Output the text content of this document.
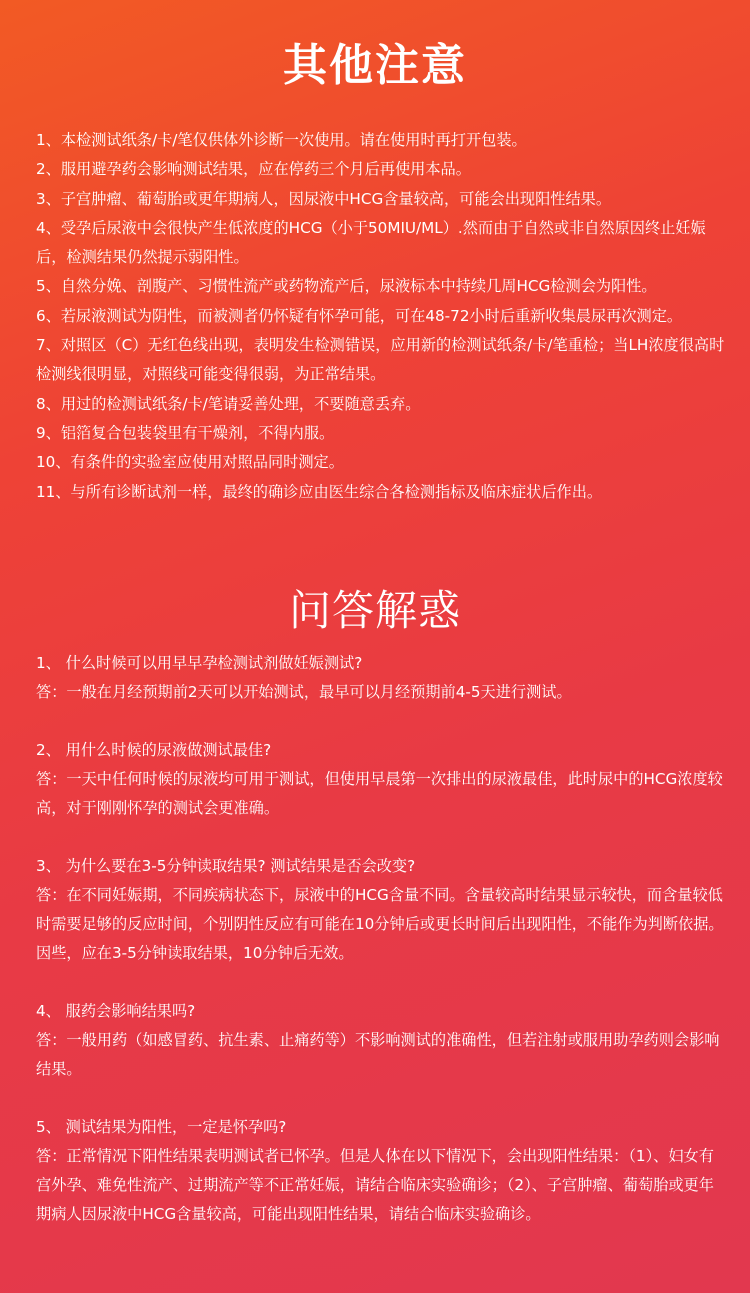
其他注意

1、本检测试纸条/卡/笔仅供体外诊断一次使用。请在使用时再打开包装。

2、服用避孕药会影响测试结果，应在停药三个月后再使用本品。

3、子宫肿瘤、葡萄胎或更年期病人，因尿液中HCG含量较高，可能会出现阳性结果。

4、受孕后尿液中会很快产生低浓度的HCG（小于50MIU/ML）.然而由于自然或非自然原因终止妊娠后，检测结果仍然提示弱阳性。

5、自然分娩、剖腹产、习惯性流产或药物流产后，尿液标本中持续几周HCG检测会为阳性。

6、若尿液测试为阴性，而被测者仍怀疑有怀孕可能，可在48-72小时后重新收集晨尿再次测定。

7、对照区（C）无红色线出现，表明发生检测错误，应用新的检测试纸条/卡/笔重检；当LH浓度很高时检测线很明显，对照线可能变得很弱，为正常结果。

8、用过的检测试纸条/卡/笔请妥善处理，不要随意丢弃。

9、铝箔复合包装袋里有干燥剂，不得内服。

10、有条件的实验室应使用对照品同时测定。

11、与所有诊断试剂一样，最终的确诊应由医生综合各检测指标及临床症状后作出。

问答解惑

1、 什么时候可以用早早孕检测试剂做妊娠测试?

答：一般在月经预期前2天可以开始测试，最早可以月经预期前4-5天进行测试。

2、 用什么时候的尿液做测试最佳?

答：一天中任何时候的尿液均可用于测试，但使用早晨第一次排出的尿液最佳，此时尿中的HCG浓度较高，对于刚刚怀孕的测试会更准确。

3、 为什么要在3-5分钟读取结果? 测试结果是否会改变?

答：在不同妊娠期，不同疾病状态下，尿液中的HCG含量不同。含量较高时结果显示较快，而含量较低时需要足够的反应时间，个别阴性反应有可能在10分钟后或更长时间后出现阳性，不能作为判断依据。因些，应在3-5分钟读取结果，10分钟后无效。

4、 服药会影响结果吗?

答：一般用药（如感冒药、抗生素、止痛药等）不影响测试的准确性，但若注射或服用助孕药则会影响结果。

5、 测试结果为阳性，一定是怀孕吗?

答：正常情况下阳性结果表明测试者已怀孕。但是人体在以下情况下，会出现阳性结果：（1）、妇女有宫外孕、难免性流产、过期流产等不正常妊娠，请结合临床实验确诊；（2）、子宫肿瘤、葡萄胎或更年期病人因尿液中HCG含量较高，可能出现阳性结果，请结合临床实验确诊。
